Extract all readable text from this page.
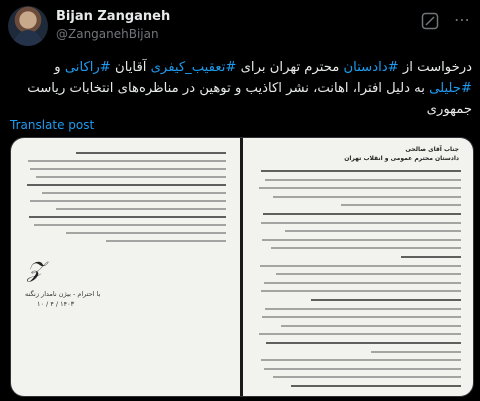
Bijan Zanganeh
@ZanganehBijan
⋯
درخواست از #دادستان محترم تهران برای #تعقیب_کیفری آقایان #راکانی و #جلیلی به دلیل افترا، اهانت، نشر اکاذیب و توهین در مناظره‌های انتخابات ریاست جمهوری
Translate post
𝒵
با احترام - بیژن نامدار زنگنه
۱۴۰۳ / ۴ / ۱۰
جناب آقای صالحی
دادستان محترم عمومی و انقلاب تهران
